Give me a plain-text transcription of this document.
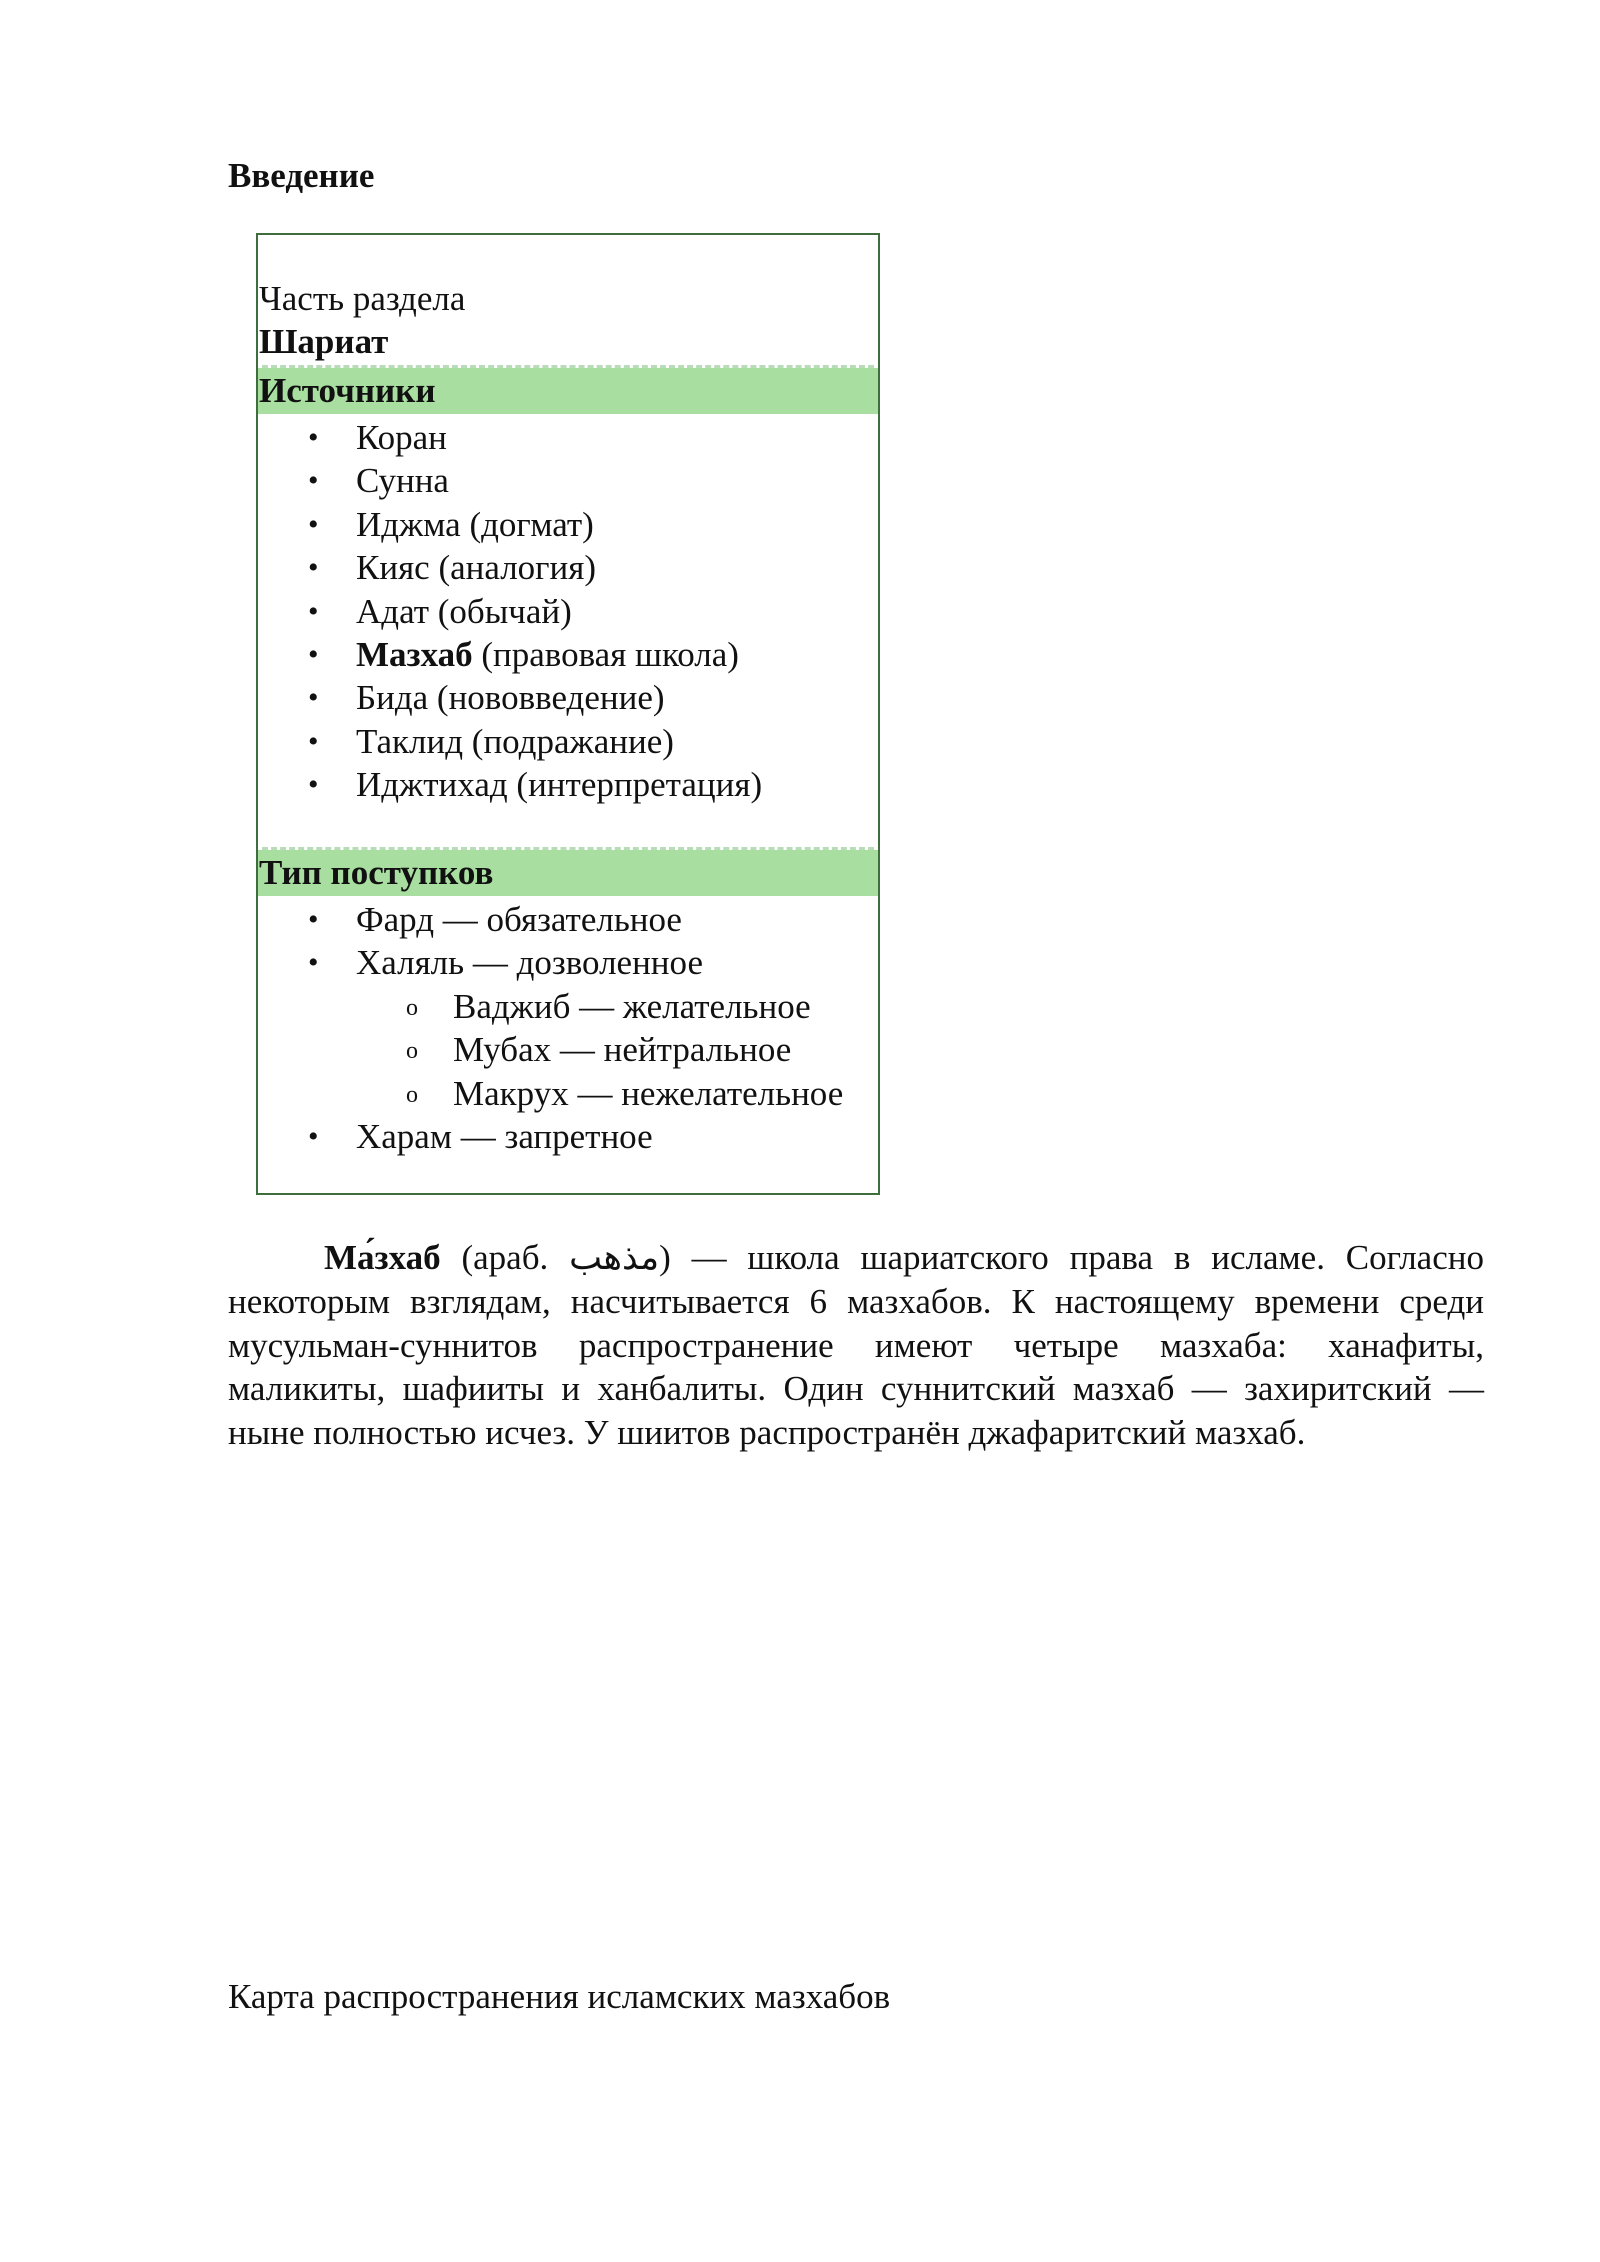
Введение
Часть раздела
Шариат
Источники
• Коран
• Сунна
• Иджма (догмат)
• Кияс (аналогия)
• Адат (обычай)
• Мазхаб (правовая школа)
• Бида (нововведение)
• Таклид (подражание)
• Иджтихад (интерпретация)
Тип поступков
• Фард — обязательное
• Халяль — дозволенное
o Ваджиб — желательное
o Мубах — нейтральное
o Макрух — нежелательное
• Харам — запретное

Ма́зхаб (араб. مذهب) — школа шариатского права в исламе. Согласно некоторым взглядам, насчитывается 6 мазхабов. К настоящему времени среди мусульман-суннитов распространение имеют четыре мазхаба: ханафиты, маликиты, шафииты и ханбалиты. Один суннитский мазхаб — захиритский — ныне полностью исчез. У шиитов распространён джафаритский мазхаб.

Карта распространения исламских мазхабов
